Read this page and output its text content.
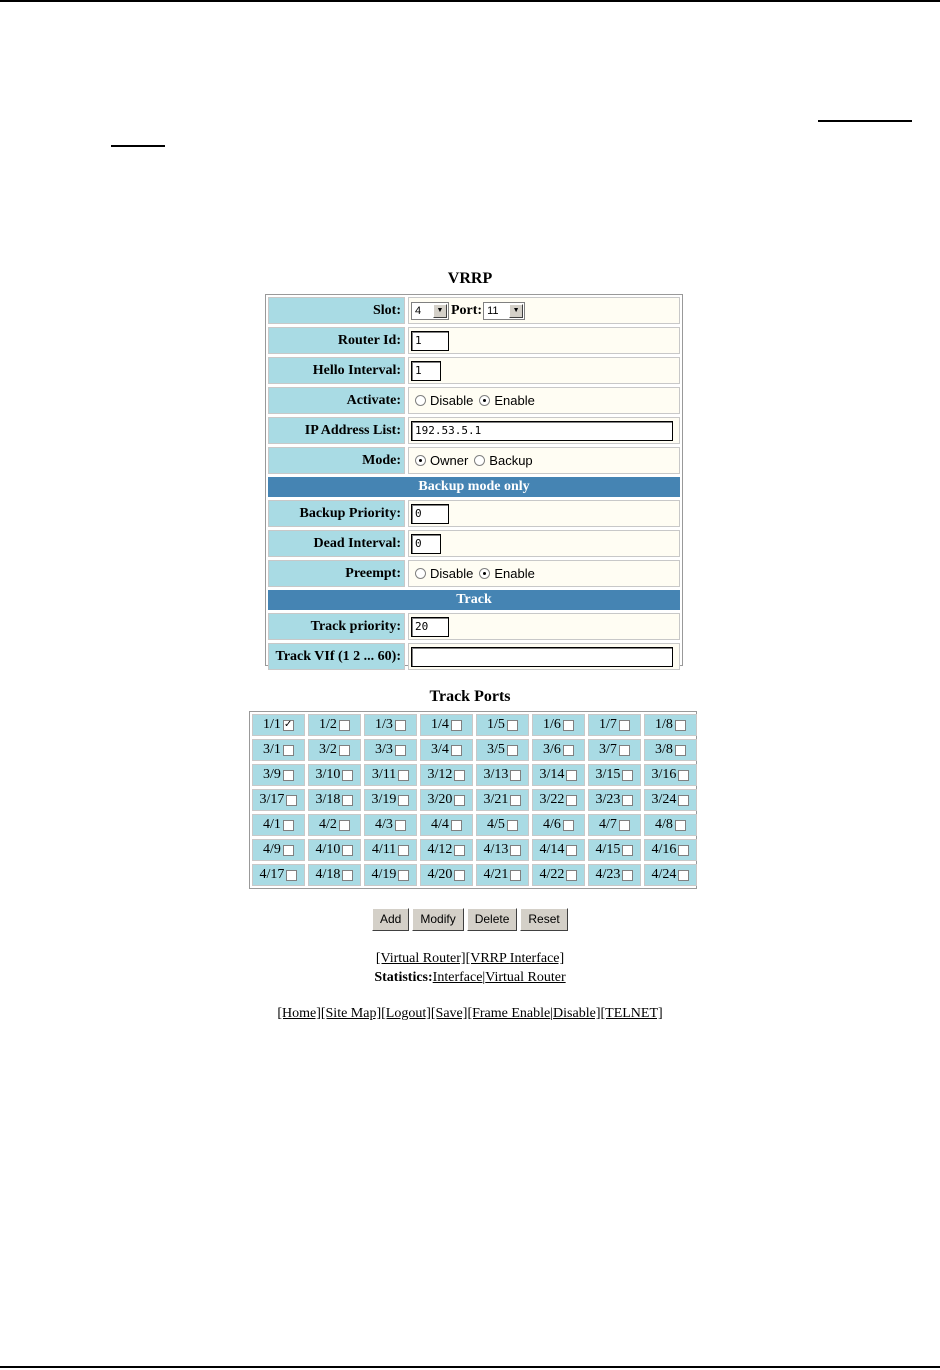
VRRP
Slot:	4	▼ Port: 11	▼
Router Id:	1
Hello Interval:	1
Activate:	Disable Enable
IP Address List:	192.53.5.1
Mode:	Owner Backup
Backup mode only
Backup Priority:	0
Dead Interval:	0
Preempt:	Disable Enable
Track
Track priority:	20
Track VIf (1 2 ... 60):
Track Ports
1/1 ✓	1/2	1/3	1/4	1/5	1/6	1/7	1/8
3/1	3/2	3/3	3/4	3/5	3/6	3/7	3/8
3/9 3/10 3/11 3/12 3/13 3/14 3/15 3/16
3/17 3/18 3/19 3/20 3/21 3/22 3/23 3/24
4/1	4/2	4/3	4/4	4/5	4/6	4/7	4/8
4/9 4/10 4/11 4/12 4/13 4/14 4/15 4/16
4/17 4/18 4/19 4/20 4/21 4/22 4/23 4/24
Add	Modify	Delete	Reset
[Virtual Router][VRRP Interface]
Statistics:Interface|Virtual Router
[Home][Site Map][Logout][Save][Frame Enable|Disable][TELNET]
